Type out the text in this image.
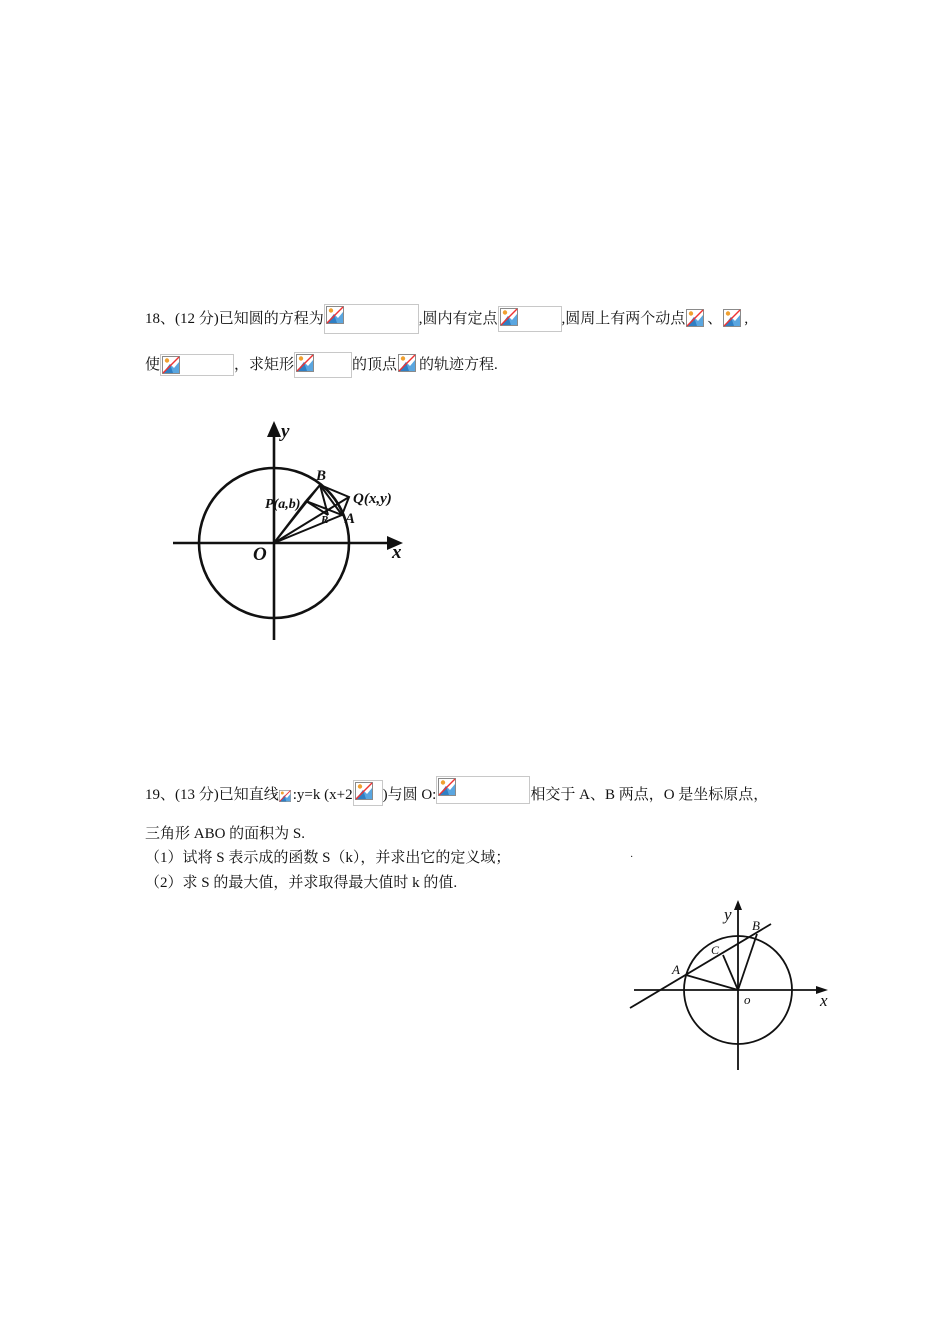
18、(12 分)已知圆的方程为	,圆内有定点	,圆周上有两个动点 、 ,
使	，求矩形	的顶点 的轨迹方程.
y
x
O
B
P(a,b)	Q(x,y)
A
R
19、(13 分)已知直线 :y=k (x+2 )与圆 O:	相交于 A、B 两点，O 是坐标原点，
三角形 ABO 的面积为 S.
（1）试将 S 表示成的函数 S（k），并求出它的定义域；	·
（2）求 S 的最大值，并求取得最大值时 k 的值.
y
x
o
A
B
C
